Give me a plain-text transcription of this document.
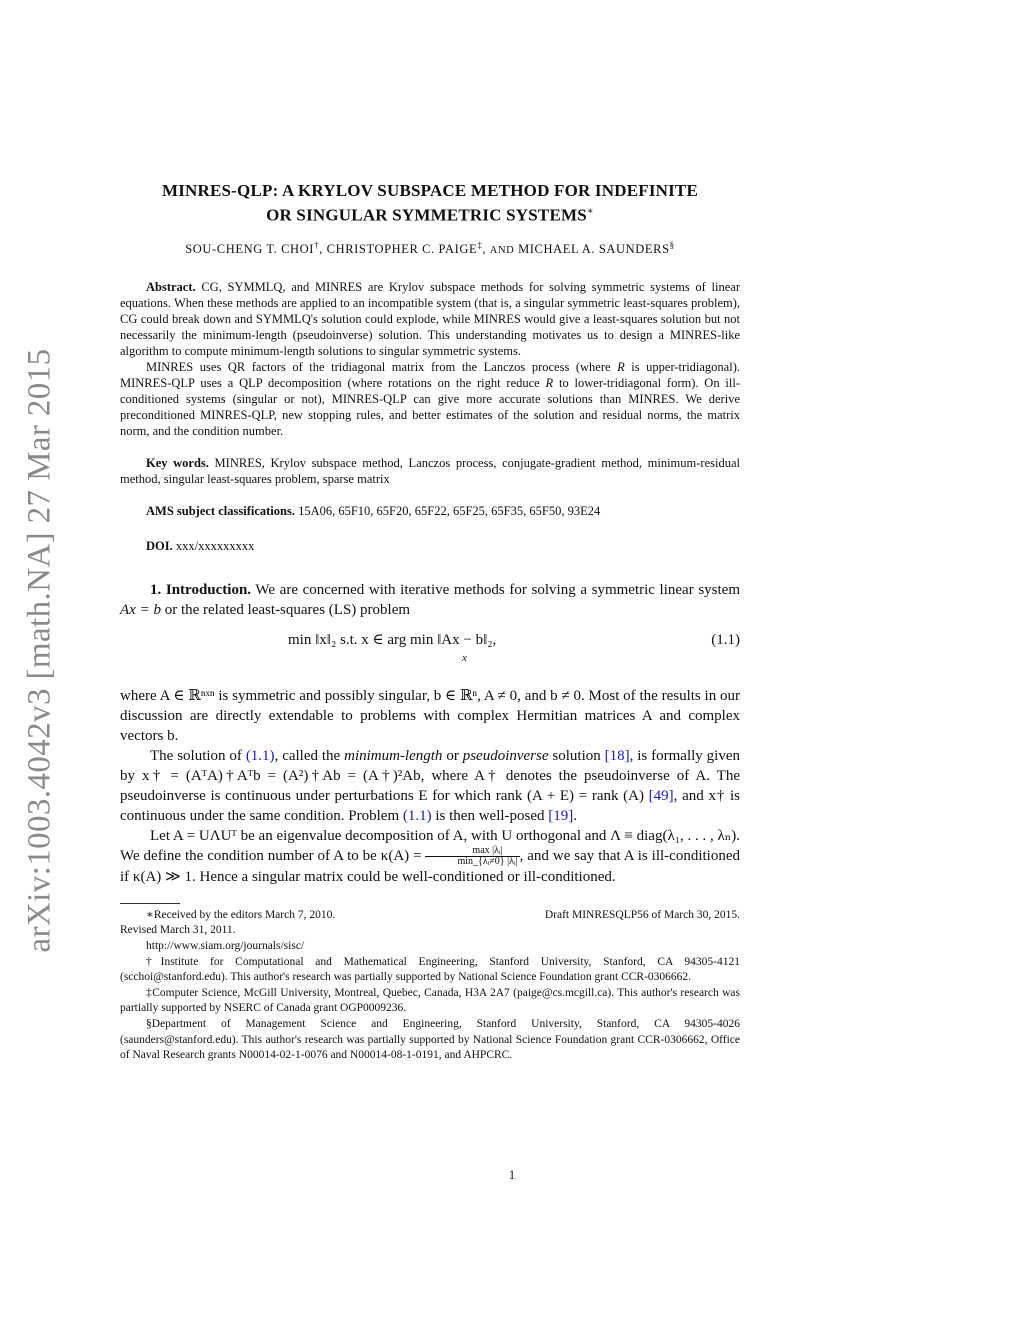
arXiv:1003.4042v3 [math.NA] 27 Mar 2015
MINRES-QLP: A KRYLOV SUBSPACE METHOD FOR INDEFINITE
OR SINGULAR SYMMETRIC SYSTEMS∗
SOU-CHENG T. CHOI†, CHRISTOPHER C. PAIGE‡, AND MICHAEL A. SAUNDERS§

Abstract. CG, SYMMLQ, and MINRES are Krylov subspace methods for solving symmetric systems of linear equations. When these methods are applied to an incompatible system (that is, a singular symmetric least-squares problem), CG could break down and SYMMLQ's solution could explode, while MINRES would give a least-squares solution but not necessarily the minimum-length (pseudoinverse) solution. This understanding motivates us to design a MINRES-like algorithm to compute minimum-length solutions to singular symmetric systems.

MINRES uses QR factors of the tridiagonal matrix from the Lanczos process (where R is upper-tridiagonal). MINRES-QLP uses a QLP decomposition (where rotations on the right reduce R to lower-tridiagonal form). On ill-conditioned systems (singular or not), MINRES-QLP can give more accurate solutions than MINRES. We derive preconditioned MINRES-QLP, new stopping rules, and better estimates of the solution and residual norms, the matrix norm, and the condition number.

Key words. MINRES, Krylov subspace method, Lanczos process, conjugate-gradient method, minimum-residual method, singular least-squares problem, sparse matrix
AMS subject classifications. 15A06, 65F10, 65F20, 65F22, 65F25, 65F35, 65F50, 93E24
DOI. xxx/xxxxxxxxx

1. Introduction. We are concerned with iterative methods for solving a symmetric linear system Ax = b or the related least-squares (LS) problem

min ‖x‖₂ s.t. x ∈ arg min ‖Ax − b‖₂,
x
(1.1)

where A ∈ ℝⁿˣⁿ is symmetric and possibly singular, b ∈ ℝⁿ, A ≠ 0, and b ≠ 0. Most of the results in our discussion are directly extendable to problems with complex Hermitian matrices A and complex vectors b.

The solution of (1.1), called the minimum-length or pseudoinverse solution [18], is formally given by x† = (AᵀA)†Aᵀb = (A²)†Ab = (A†)²Ab, where A† denotes the pseudoinverse of A. The pseudoinverse is continuous under perturbations E for which rank (A + E) = rank (A) [49], and x† is continuous under the same condition. Problem (1.1) is then well-posed [19].

Let A = UΛUᵀ be an eigenvalue decomposition of A, with U orthogonal and Λ ≡ diag(λ₁, . . . , λₙ). We define the condition number of A to be $\kappa(A) = \frac{\text{max |λᵢ|}}{\text{min\_\{λᵢ≠0\} |λᵢ|}}$ , and we say that A is ill-conditioned if κ(A) ≫ 1. Hence a singular matrix could be well-conditioned or ill-conditioned.

∗Received by the editors March 7, 2010.	Draft MINRESQLP56 of March 30, 2015.

Revised March 31, 2011.

http://www.siam.org/journals/sisc/

†Institute for Computational and Mathematical Engineering, Stanford University, Stanford, CA 94305-4121 (scchoi@stanford.edu). This author's research was partially supported by National Science Foundation grant CCR-0306662.

‡Computer Science, McGill University, Montreal, Quebec, Canada, H3A 2A7 (paige@cs.mcgill.ca). This author's research was partially supported by NSERC of Canada grant OGP0009236.

§Department of Management Science and Engineering, Stanford University, Stanford, CA 94305-4026 (saunders@stanford.edu). This author's research was partially supported by National Science Foundation grant CCR-0306662, Office of Naval Research grants N00014-02-1-0076 and N00014-08-1-0191, and AHPCRC.

1
